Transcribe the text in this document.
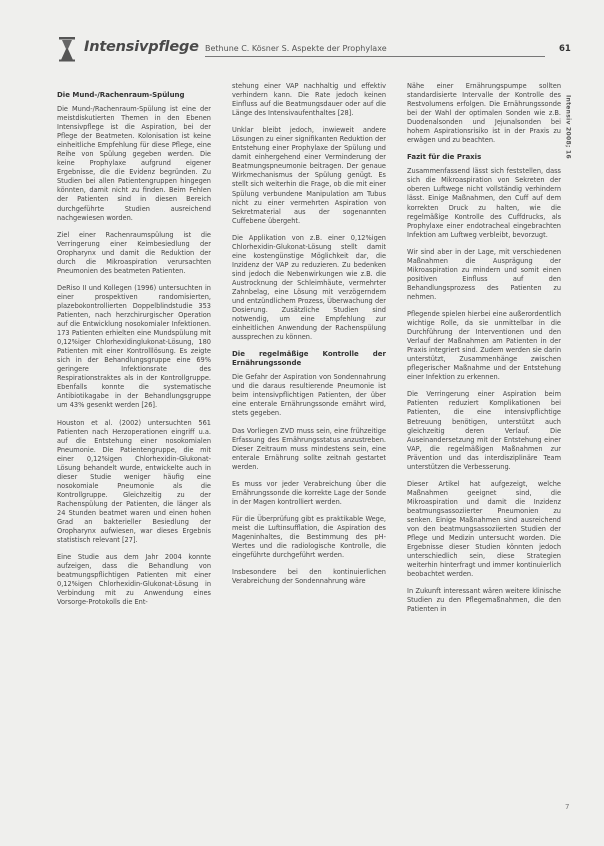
Intensivpflege Bethune C. Kösner S. Aspekte der Prophylaxe	61
Intensiv 2008; 16
Die Mund-/Rachenraum-Spülung

Die Mund-/Rachenraum-Spülung ist eine der meistdiskutierten Themen in den Ebenen Intensivpflege ist die Aspiration, bei der Pflege der Beatmeten. Kolonisation ist keine einheitliche Empfehlung für diese Pflege, eine Reihe von Spülung gegeben werden. Die keine Prophylaxe aufgrund eigener Ergebnisse, die die Evidenz begründen. Zu Studien bei allen Patientengruppen hingegen könnten, damit nicht zu finden. Beim Fehlen der Patienten sind in diesen Bereich durchgeführte Studien ausreichend nachgewiesen worden.

Ziel einer Rachenraumspülung ist die Verringerung einer Keimbesiedlung der Oropharynx und damit die Reduktion der durch die Mikroaspiration verursachten Pneumonien des beatmeten Patienten.

DeRiso II und Kollegen (1996) untersuchten in einer prospektiven randomisierten, plazebokontrollierten Doppelblindstudie 353 Patienten, nach herzchirurgischer Operation auf die Entwicklung nosokomialer Infektionen. 173 Patienten erhielten eine Mundspülung mit 0,12%iger Chlorhexidinglukonat-Lösung, 180 Patienten mit einer Kontrolllösung. Es zeigte sich in der Behandlungsgruppe eine 69% geringere Infektionsrate des Respirationstraktes als in der Kontrollgruppe. Ebenfalls konnte die systematische Antibiotikagabe in der Behandlungsgruppe um 43% gesenkt werden [26].

Houston et al. (2002) untersuchten 561 Patienten nach Herzoperationen eingriff u.a. auf die Entstehung einer nosokomialen Pneumonie. Die Patientengruppe, die mit einer 0,12%igen Chlorhexidin-Glukonat-Lösung behandelt wurde, entwickelte auch in dieser Studie weniger häufig eine nosokomiale Pneumonie als die Kontrollgruppe. Gleichzeitig zu der Rachenspülung der Patienten, die länger als 24 Stunden beatmet waren und einen hohen Grad an bakterieller Besiedlung der Oropharynx aufwiesen, war dieses Ergebnis statistisch relevant [27].

Eine Studie aus dem Jahr 2004 konnte aufzeigen, dass die Behandlung von beatmungspflichtigen Patienten mit einer 0,12%igen Chlorhexidin-Glukonat-Lösung in Verbindung mit zu Anwendung eines Vorsorge-Protokolls die Ent-

stehung einer VAP nachhaltig und effektiv verhindern kann. Die Rate jedoch keinen Einfluss auf die Beatmungsdauer oder auf die Länge des Intensivaufenthaltes [28].

Unklar bleibt jedoch, inwieweit andere Lösungen zu einer signifikanten Reduktion der Entstehung einer Prophylaxe der Spülung und damit einhergehend einer Verminderung der Beatmungspneumonie beitragen. Der genaue Wirkmechanismus der Spülung genügt. Es stellt sich weiterhin die Frage, ob die mit einer Spülung verbundene Manipulation am Tubus nicht zu einer vermehrten Aspiration von Sekretmaterial aus der sogenannten Cuffebene übergeht.

Die Applikation von z.B. einer 0,12%igen Chlorhexidin-Glukonat-Lösung stellt damit eine kostengünstige Möglichkeit dar, die Inzidenz der VAP zu reduzieren. Zu bedenken sind jedoch die Nebenwirkungen wie z.B. die Austrocknung der Schleimhäute, vermehrter Zahnbelag, eine Lösung mit verzögerndem und entzündlichem Prozess, Überwachung der Dosierung. Zusätzliche Studien sind notwendig, um eine Empfehlung zur einheitlichen Anwendung der Rachenspülung aussprechen zu können.

Die regelmäßige Kontrolle der Ernährungssonde

Die Gefahr der Aspiration von Sondennahrung und die daraus resultierende Pneumonie ist beim intensivpflichtigen Patienten, der über eine enterale Ernährungssonde ernährt wird, stets gegeben.

Das Vorliegen ZVD muss sein, eine frühzeitige Erfassung des Ernährungsstatus anzustreben. Dieser Zeitraum muss mindestens sein, eine enterale Ernährung sollte zeitnah gestartet werden.

Es muss vor jeder Verabreichung über die Ernährungssonde die korrekte Lage der Sonde in der Magen kontrolliert werden.

Für die Überprüfung gibt es praktikable Wege, meist die Luftinsufflation, die Aspiration des Mageninhaltes, die Bestimmung des pH-Wertes und die radiologische Kontrolle, die eingeführte durchgeführt werden.

Insbesondere bei den kontinuierlichen Verabreichung der Sondennahrung wäre

Nähe einer Ernährungspumpe sollten standardisierte Intervalle der Kontrolle des Restvolumens erfolgen. Die Ernährungssonde bei der Wahl der optimalen Sonden wie z.B. Duodenalsonden und Jejunalsonden bei hohem Aspirationsrisiko ist in der Praxis zu erwägen und zu beachten.

Fazit für die Praxis

Zusammenfassend lässt sich feststellen, dass sich die Mikroaspiration von Sekreten der oberen Luftwege nicht vollständig verhindern lässt. Einige Maßnahmen, den Cuff auf dem korrekten Druck zu halten, wie die regelmäßige Kontrolle des Cuffdrucks, als Prophylaxe einer endotracheal eingebrachten Infektion am Luftweg verbleibt, bevorzugt.

Wir sind aber in der Lage, mit verschiedenen Maßnahmen die Ausprägung der Mikroaspiration zu mindern und somit einen positiven Einfluss auf den Behandlungsprozess des Patienten zu nehmen.

Pflegende spielen hierbei eine außerordentlich wichtige Rolle, da sie unmittelbar in die Durchführung der Interventionen und den Verlauf der Maßnahmen am Patienten in der Praxis integriert sind. Zudem werden sie darin unterstützt, Zusammenhänge zwischen pflegerischer Maßnahme und der Entstehung einer Infektion zu erkennen.

Die Verringerung einer Aspiration beim Patienten reduziert Komplikationen bei Patienten, die eine intensivpflichtige Betreuung benötigen, unterstützt auch gleichzeitig deren Verlauf. Die Auseinandersetzung mit der Entstehung einer VAP, die regelmäßigen Maßnahmen zur Prävention und das interdisziplinäre Team unterstützen die Verbesserung.

Dieser Artikel hat aufgezeigt, welche Maßnahmen geeignet sind, die Mikroaspiration und damit die Inzidenz beatmungsassoziierter Pneumonien zu senken. Einige Maßnahmen sind ausreichend von den beatmungsassoziierten Studien der Pflege und Medizin untersucht worden. Die Ergebnisse dieser Studien könnten jedoch unterschiedlich sein, diese Strategien weiterhin hinterfragt und immer kontinuierlich beobachtet werden.

In Zukunft interessant wären weitere klinische Studien zu den Pflegemaßnahmen, die den Patienten in

7
